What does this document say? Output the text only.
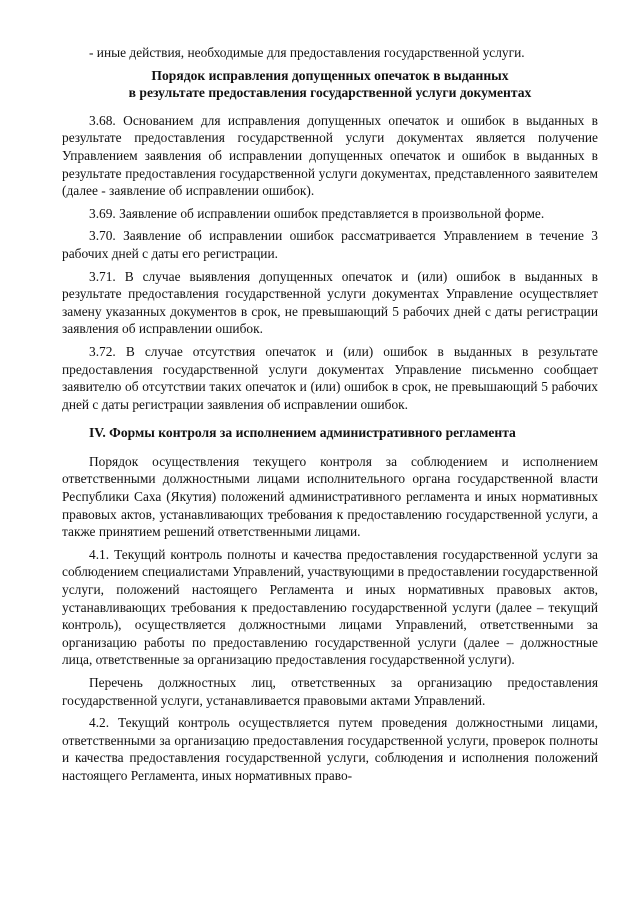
- иные действия, необходимые для предоставления государственной услуги.

Порядок исправления допущенных опечаток в выданных

в результате предоставления государственной услуги документах

3.68. Основанием для исправления допущенных опечаток и ошибок в выданных в результате предоставления государственной услуги документах является получение Управлением заявления об исправлении допущенных опечаток и ошибок в выданных в результате предоставления государственной услуги документах, представленного заявителем (далее - заявление об исправлении ошибок).

3.69. Заявление об исправлении ошибок представляется в произвольной форме.

3.70. Заявление об исправлении ошибок рассматривается Управлением в течение 3 рабочих дней с даты его регистрации.

3.71. В случае выявления допущенных опечаток и (или) ошибок в выданных в результате предоставления государственной услуги документах Управление осуществляет замену указанных документов в срок, не превышающий 5 рабочих дней с даты регистрации заявления об исправлении ошибок.

3.72. В случае отсутствия опечаток и (или) ошибок в выданных в результате предоставления государственной услуги документах Управление письменно сообщает заявителю об отсутствии таких опечаток и (или) ошибок в срок, не превышающий 5 рабочих дней с даты регистрации заявления об исправлении ошибок.

IV. Формы контроля за исполнением административного регламента

Порядок осуществления текущего контроля за соблюдением и исполнением ответственными должностными лицами исполнительного органа государственной власти Республики Саха (Якутия) положений административного регламента и иных нормативных правовых актов, устанавливающих требования к предоставлению государственной услуги, а также принятием решений ответственными лицами.

4.1. Текущий контроль полноты и качества предоставления государственной услуги за соблюдением специалистами Управлений, участвующими в предоставлении государственной услуги, положений настоящего Регламента и иных нормативных правовых актов, устанавливающих требования к предоставлению государственной услуги (далее – текущий контроль), осуществляется должностными лицами Управлений, ответственными за организацию работы по предоставлению государственной услуги (далее – должностные лица, ответственные за организацию предоставления государственной услуги).

Перечень должностных лиц, ответственных за организацию предоставления государственной услуги, устанавливается правовыми актами Управлений.

4.2. Текущий контроль осуществляется путем проведения должностными лицами, ответственными за организацию предоставления государственной услуги, проверок полноты и качества предоставления государственной услуги, соблюдения и исполнения положений настоящего Регламента, иных нормативных право-
